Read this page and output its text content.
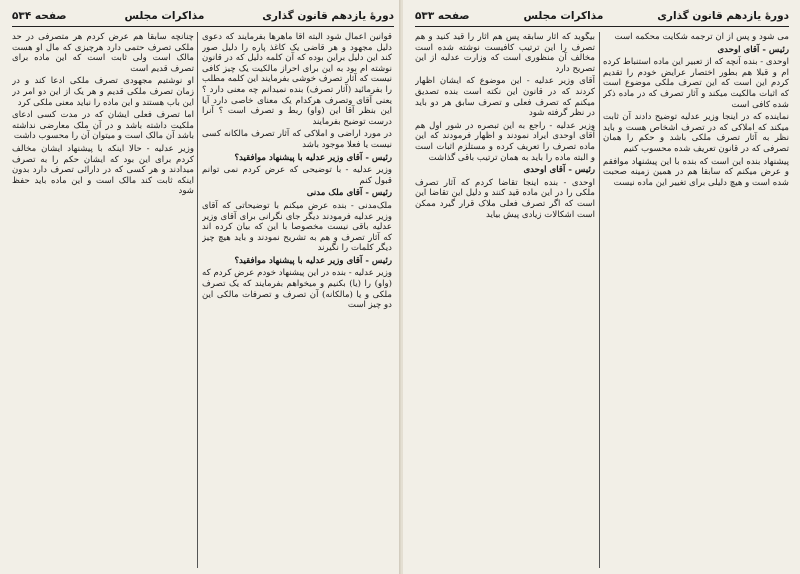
دورهٔ یازدهم قانون گذاری
مذاکرات مجلس
صفحه ۵۳۴

قوانین اعمال شود البته آقا ماهرها بفرمایند که دعوی دلیل مجهود و هر قاضی یک کاغذ پاره را دلیل صور کند این دلیل براین بوده که آن کلمه دلیل که در قانون نوشته ام بود به این برای احراز مالکیت یک چیز کافی نیست که آثار تصرف خوشی بفرمایند این کلمه مطلب را بفرمائید (آثار تصرف) بنده نمیدانم چه معنی دارد ؟ یعنی آقای وتصرف هرکدام یک معنای خاصی دارد آیا این بنظر آقا این (واو) ربط و تصرف است ؟ آنرا درست توضیح بفرمایند

در مورد اراضی و املاکی که آثار تصرف مالکانه کسی نیست یا فعلا موجود باشد

رئیس - آقای وزیر عدلیه با پیشنهاد موافقید؟

وزیر عدلیه - با توضیحی که عرض کردم نمی توانم قبول کنم

رئیس - آقای ملک مدنی

ملک‌مدنی - بنده عرض میکنم با توضیحاتی که آقای وزیر عدلیه فرمودند دیگر جای نگرانی برای آقای وزیر عدلیه باقی نیست مخصوصا با این که بیان کرده اند که آثار تصرف و هم به تشریح نمودند و باید هیچ چیز دیگر کلمات را نگیرند

رئیس - آقای وزیر عدلیه با پیشنهاد موافقید؟

وزیر عدلیه - بنده در این پیشنهاد خودم عرض کردم که (واو) را (یا) بکنیم و میخواهم بفرمایند که یک تصرف ملکی و یا (مالکانه) آن تصرف و تصرفات مالکی این دو چیز است

چنانچه سابقا هم عرض کردم هر متصرفی در حد ملکی تصرف حتمی دارد هرچیزی که مال او هست مالک است ولی ثابت است که این ماده برای تصرف قدیم است

او نوشتیم مجهودی تصرف ملکی ادعا کند و در زمان تصرف ملکی قدیم و هر یک از این دو امر در این باب هستند و این ماده را نباید معنی ملکی کرد

اما تصرف فعلی ایشان که در مدت کسی ادعای ملکیت داشته باشد و در آن ملک معارضی نداشته باشد آن مالک است و میتوان آن را محسوب داشت

وزیر عدلیه - حالا اینکه با پیشنهاد ایشان مخالف کردم برای این بود که ایشان حکم را به تصرف میدادند و هر کسی که در دارائی تصرف دارد بدون اینکه ثابت کند مالک است و این ماده باید حفظ شود

دورهٔ یازدهم قانون گذاری
مذاکرات مجلس
صفحه ۵۳۳

می شود و پس از آن ترجمه شکایت محکمه است

رئیس - آقای اوحدی

اوحدی - بنده آنچه که از تعبیر این ماده استنباط کرده ام و قبلا هم بطور اختصار عرایض خودم را تقدیم کردم این است که این تصرف ملکی موضوع است که اثبات مالکیت میکند و آثار تصرف که در ماده ذکر شده کافی است

نماینده که در اینجا وزیر عدلیه توضیح دادند آن ثابت میکند که املاکی که در تصرف اشخاص هست و باید نظر به آثار تصرف ملکی باشد و حکم را همان تصرفی که در قانون تعریف شده محسوب کنیم

پیشنهاد بنده این است که بنده با این پیشنهاد موافقم و عرض میکنم که سابقا هم در همین زمینه صحبت شده است و هیچ دلیلی برای تغییر این ماده نیست

بیگوید که آثار سابقه پس هم آثار را قید کنید و هم تصرف را این ترتیب کافیست نوشته شده است مخالف آن منظوری است که وزارت عدلیه از این تصریح دارد

آقای وزیر عدلیه - این موضوع که ایشان اظهار کردند که در قانون این نکته است بنده تصدیق میکنم که تصرف فعلی و تصرف سابق هر دو باید در نظر گرفته شود

وزیر عدلیه - راجع به این تبصره در شور اول هم آقای اوحدی ایراد نمودند و اظهار فرمودند که این ماده تصرف را تعریف کرده و مستلزم اثبات است و البته ماده را باید به همان ترتیب باقی گذاشت

رئیس - آقای اوحدی

اوحدی - بنده اینجا تقاضا کردم که آثار تصرف ملکی را در این ماده قید کنند و دلیل این تقاضا این است که اگر تصرف فعلی ملاک قرار گیرد ممکن است اشکالات زیادی پیش بیاید
